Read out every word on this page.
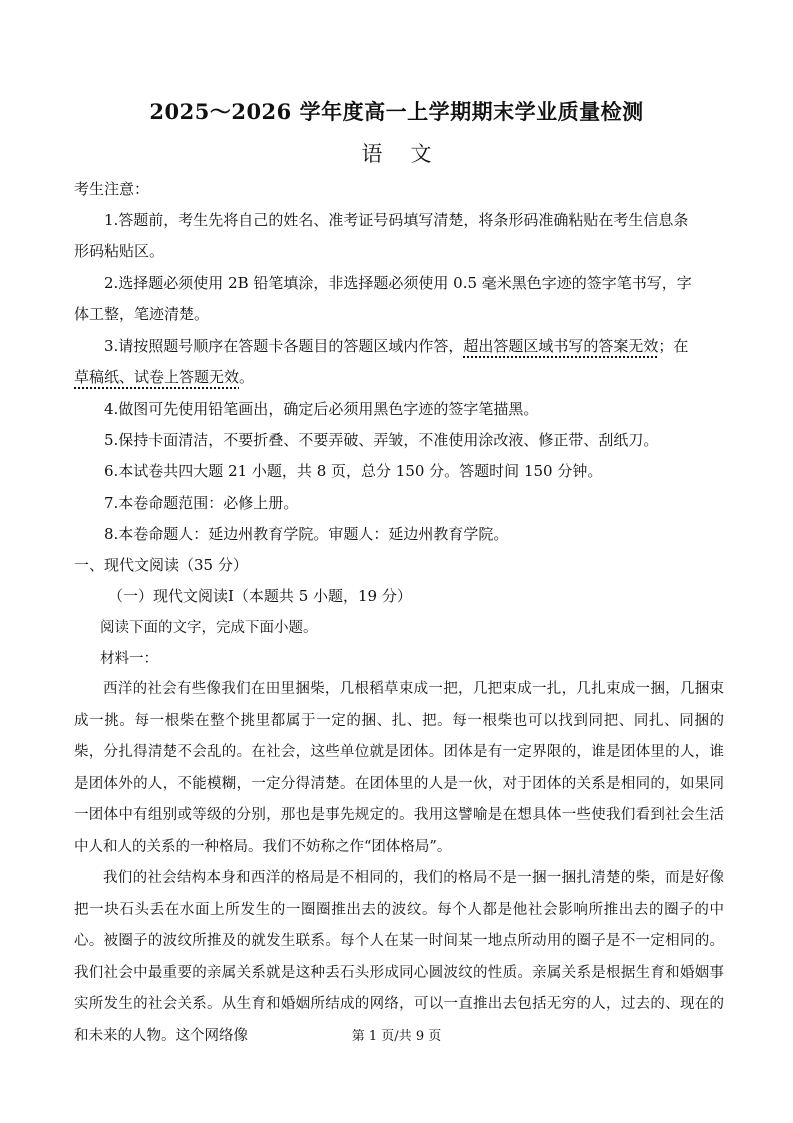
2025～2026 学年度高一上学期期末学业质量检测
语文
考生注意：
1.答题前，考生先将自己的姓名、准考证号码填写清楚，将条形码准确粘贴在考生信息条
形码粘贴区。
2.选择题必须使用 2B 铅笔填涂，非选择题必须使用 0.5 毫米黑色字迹的签字笔书写，字
体工整，笔迹清楚。
3.请按照题号顺序在答题卡各题目的答题区域内作答，超出答题区域书写的答案无效；在
草稿纸、试卷上答题无效。
4.做图可先使用铅笔画出，确定后必须用黑色字迹的签字笔描黑。
5.保持卡面清洁，不要折叠、不要弄破、弄皱，不准使用涂改液、修正带、刮纸刀。
6.本试卷共四大题 21 小题，共 8 页，总分 150 分。答题时间 150 分钟。
7.本卷命题范围：必修上册。
8.本卷命题人：延边州教育学院。审题人：延边州教育学院。
一、现代文阅读（35 分）
（一）现代文阅读Ⅰ（本题共 5 小题，19 分）
阅读下面的文字，完成下面小题。
材料一：
西洋的社会有些像我们在田里捆柴，几根稻草束成一把，几把束成一扎，几扎束成一捆，几捆束成一挑。每一根柴在整个挑里都属于一定的捆、扎、把。每一根柴也可以找到同把、同扎、同捆的柴，分扎得清楚不会乱的。在社会，这些单位就是团体。团体是有一定界限的，谁是团体里的人，谁是团体外的人，不能模糊，一定分得清楚。在团体里的人是一伙，对于团体的关系是相同的，如果同一团体中有组别或等级的分别，那也是事先规定的。我用这譬喻是在想具体一些使我们看到社会生活中人和人的关系的一种格局。我们不妨称之作“团体格局”。
我们的社会结构本身和西洋的格局是不相同的，我们的格局不是一捆一捆扎清楚的柴，而是好像把一块石头丢在水面上所发生的一圈圈推出去的波纹。每个人都是他社会影响所推出去的圈子的中心。被圈子的波纹所推及的就发生联系。每个人在某一时间某一地点所动用的圈子是不一定相同的。我们社会中最重要的亲属关系就是这种丢石头形成同心圆波纹的性质。亲属关系是根据生育和婚姻事实所发生的社会关系。从生育和婚姻所结成的网络，可以一直推出去包括无穷的人，过去的、现在的和未来的人物。这个网络像	第 1 页/共 9 页
